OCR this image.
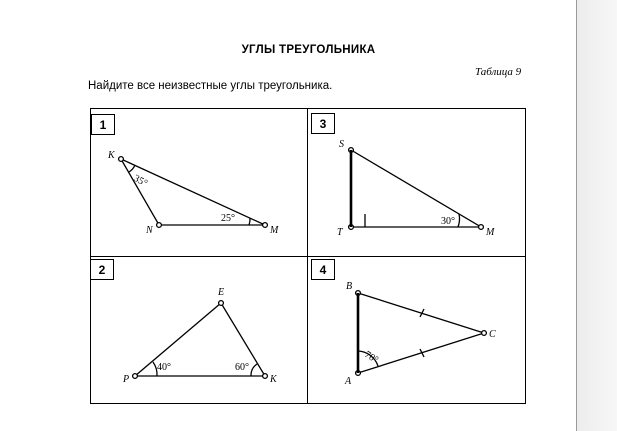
УГЛЫ ТРЕУГОЛЬНИКА
Таблица 9
Найдите все неизвестные углы треугольника.
1
2
3
4
K
N	M
35°
25°
S
T	M
30°
E
P	K
40°	60°
B
C
A
70°
